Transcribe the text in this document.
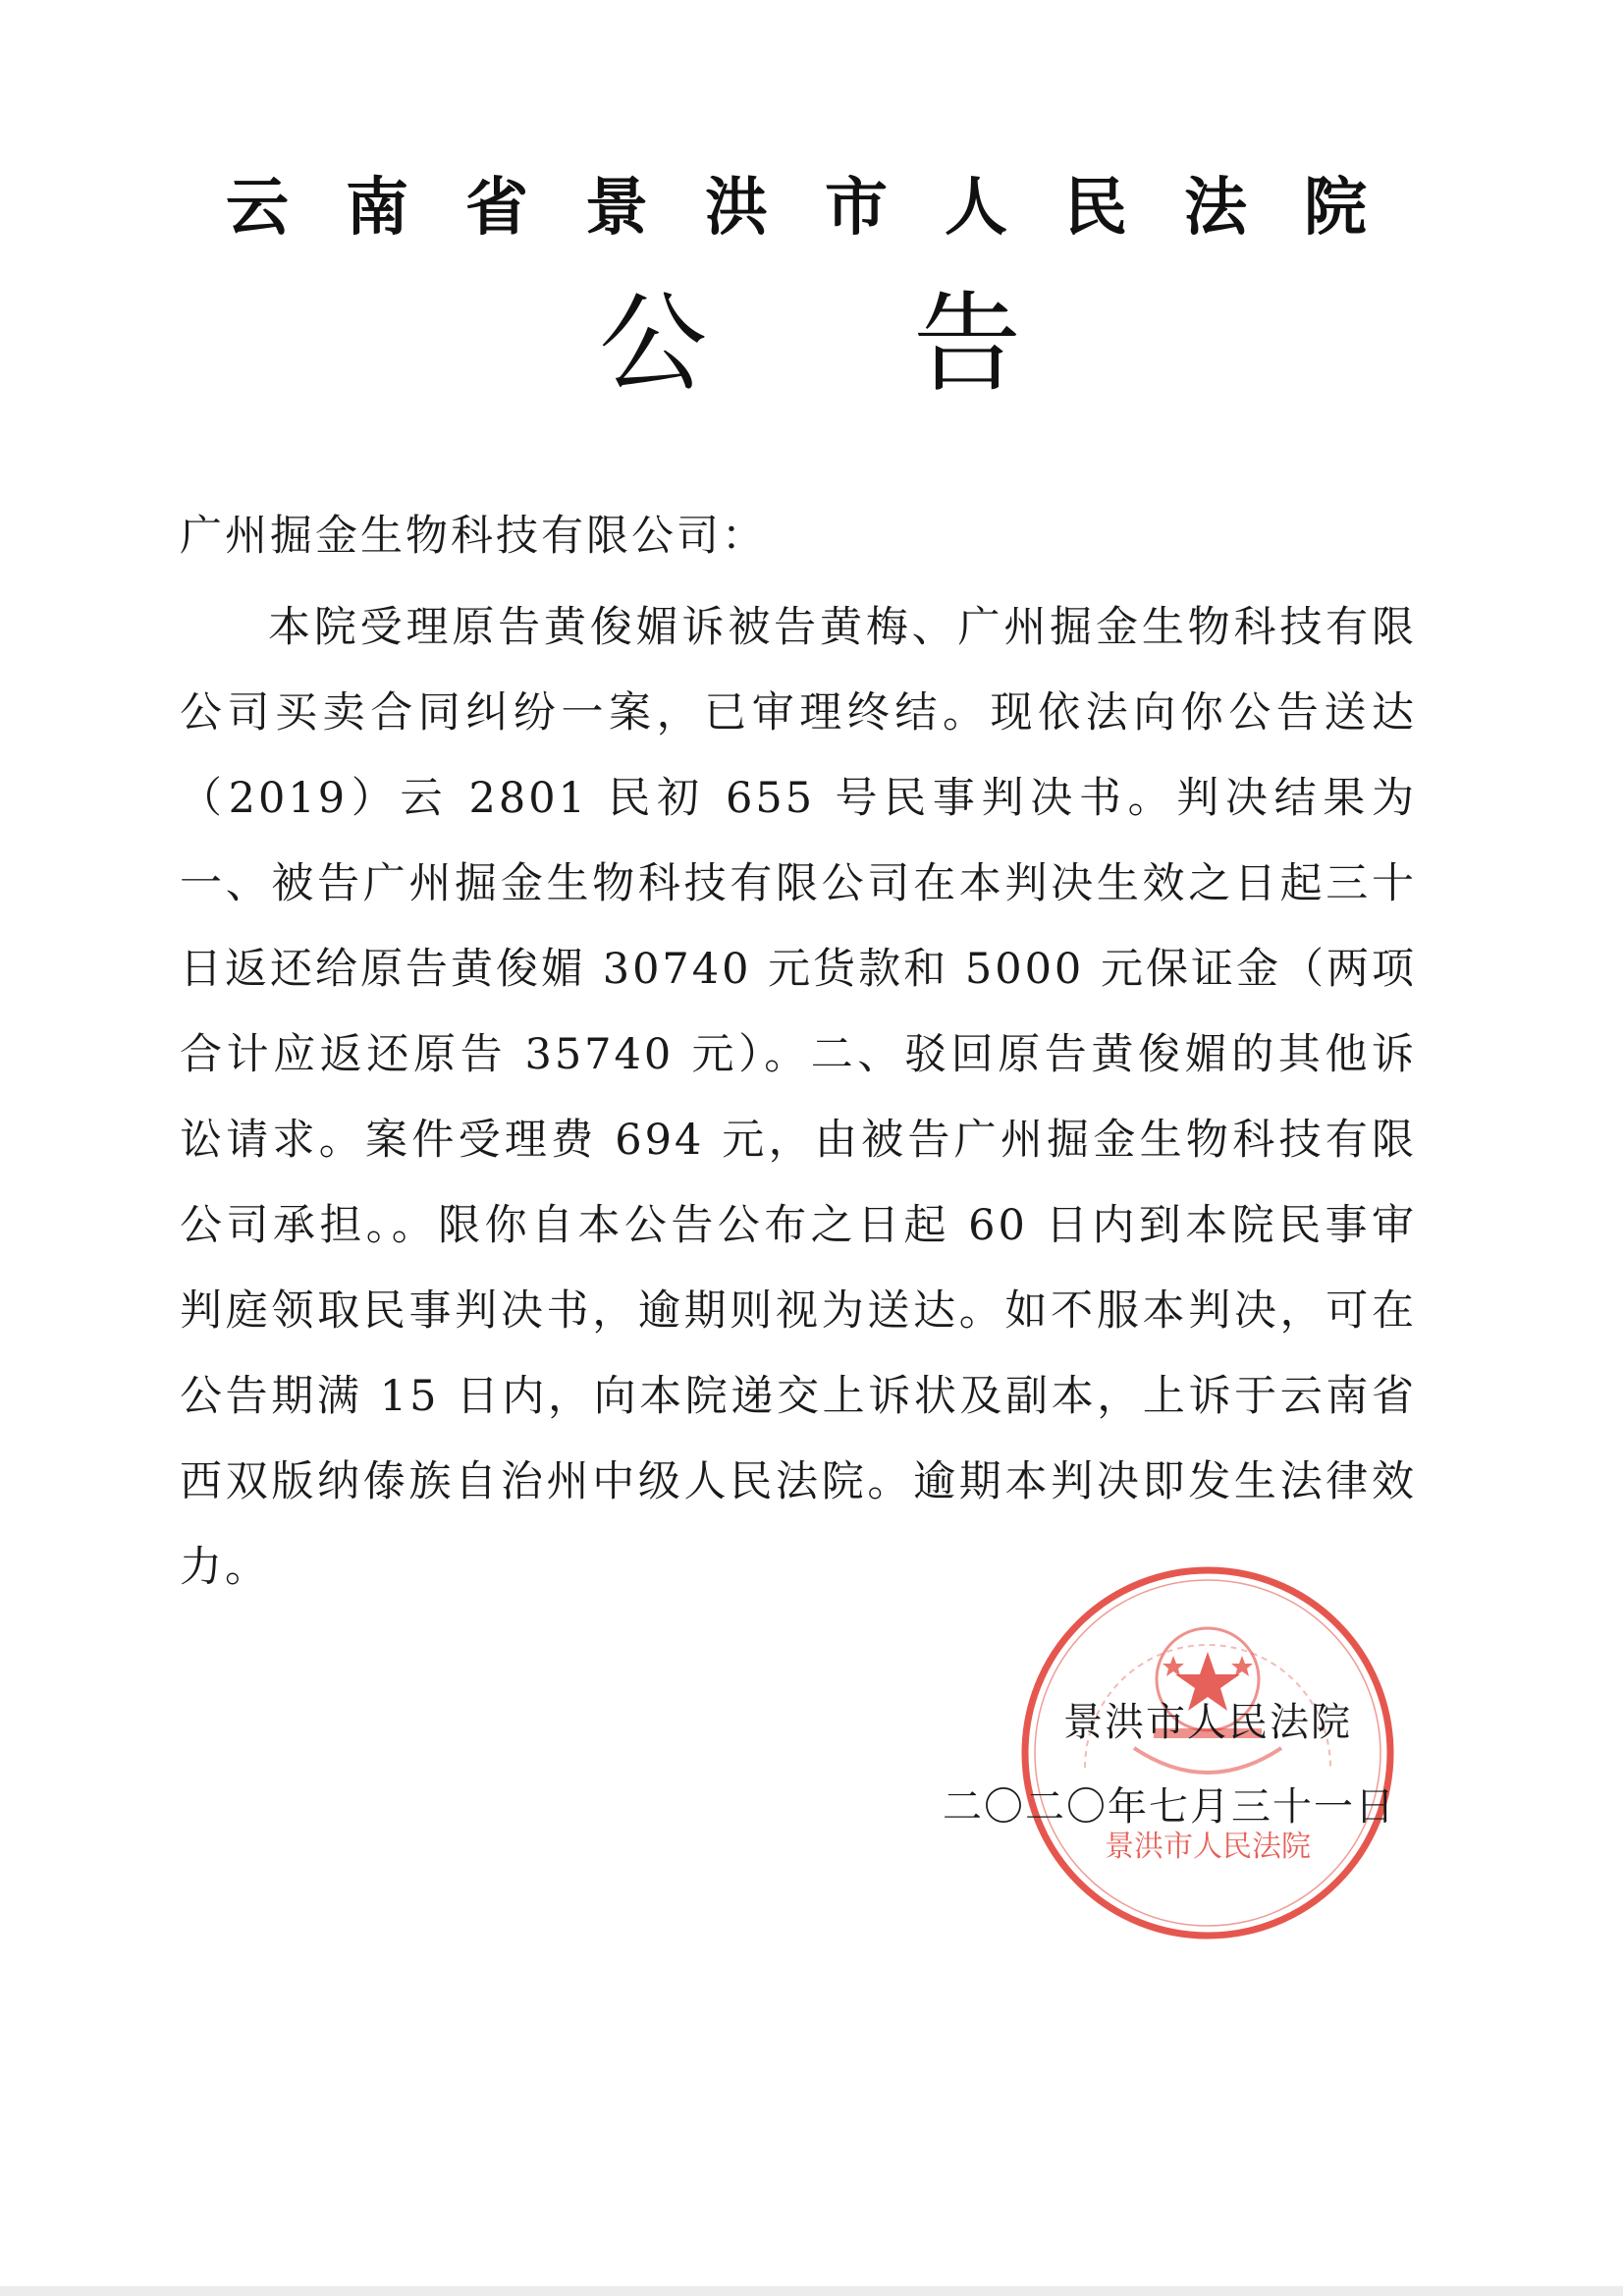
云南省景洪市人民法院
公告
广州掘金生物科技有限公司：

本院受理原告黄俊媚诉被告黄梅、广州掘金生物科技有限公司买卖合同纠纷一案，已审理终结。现依法向你公告送达（2019）云 2801 民初 655 号民事判决书。判决结果为一、被告广州掘金生物科技有限公司在本判决生效之日起三十日返还给原告黄俊媚 30740 元货款和 5000 元保证金（两项合计应返还原告 35740 元）。二、驳回原告黄俊媚的其他诉讼请求。案件受理费 694 元，由被告广州掘金生物科技有限公司承担。。限你自本公告公布之日起 60 日内到本院民事审判庭领取民事判决书，逾期则视为送达。如不服本判决，可在公告期满 15 日内，向本院递交上诉状及副本，上诉于云南省西双版纳傣族自治州中级人民法院。逾期本判决即发生法律效力。

景洪市人民法院
景洪市人民法院
二〇二〇年七月三十一日
